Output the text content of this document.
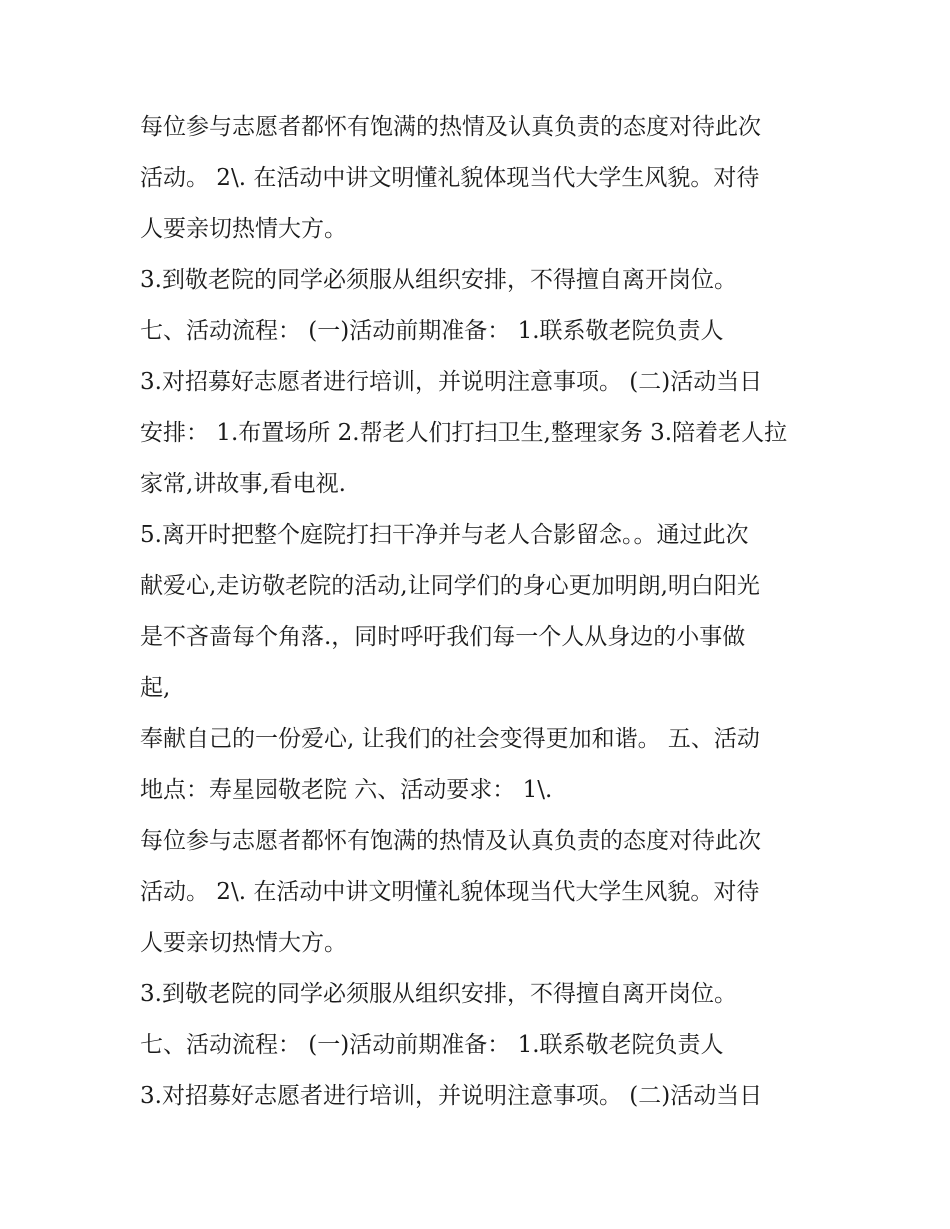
每位参与志愿者都怀有饱满的热情及认真负责的态度对待此次
活动。 2\. 在活动中讲文明懂礼貌体现当代大学生风貌。对待
人要亲切热情大方。
3.到敬老院的同学必须服从组织安排，不得擅自离开岗位。
七、活动流程： (一)活动前期准备： 1.联系敬老院负责人
3.对招募好志愿者进行培训，并说明注意事项。 (二)活动当日
安排： 1.布置场所 2.帮老人们打扫卫生,整理家务 3.陪着老人拉
家常,讲故事,看电视.
5.离开时把整个庭院打扫干净并与老人合影留念。。通过此次
献爱心,走访敬老院的活动,让同学们的身心更加明朗,明白阳光
是不吝啬每个角落.，同时呼吁我们每一个人从身边的小事做
起,
奉献自己的一份爱心, 让我们的社会变得更加和谐。 五、活动
地点：寿星园敬老院 六、活动要求： 1\.
每位参与志愿者都怀有饱满的热情及认真负责的态度对待此次
活动。 2\. 在活动中讲文明懂礼貌体现当代大学生风貌。对待
人要亲切热情大方。
3.到敬老院的同学必须服从组织安排，不得擅自离开岗位。
七、活动流程： (一)活动前期准备： 1.联系敬老院负责人
3.对招募好志愿者进行培训，并说明注意事项。 (二)活动当日
